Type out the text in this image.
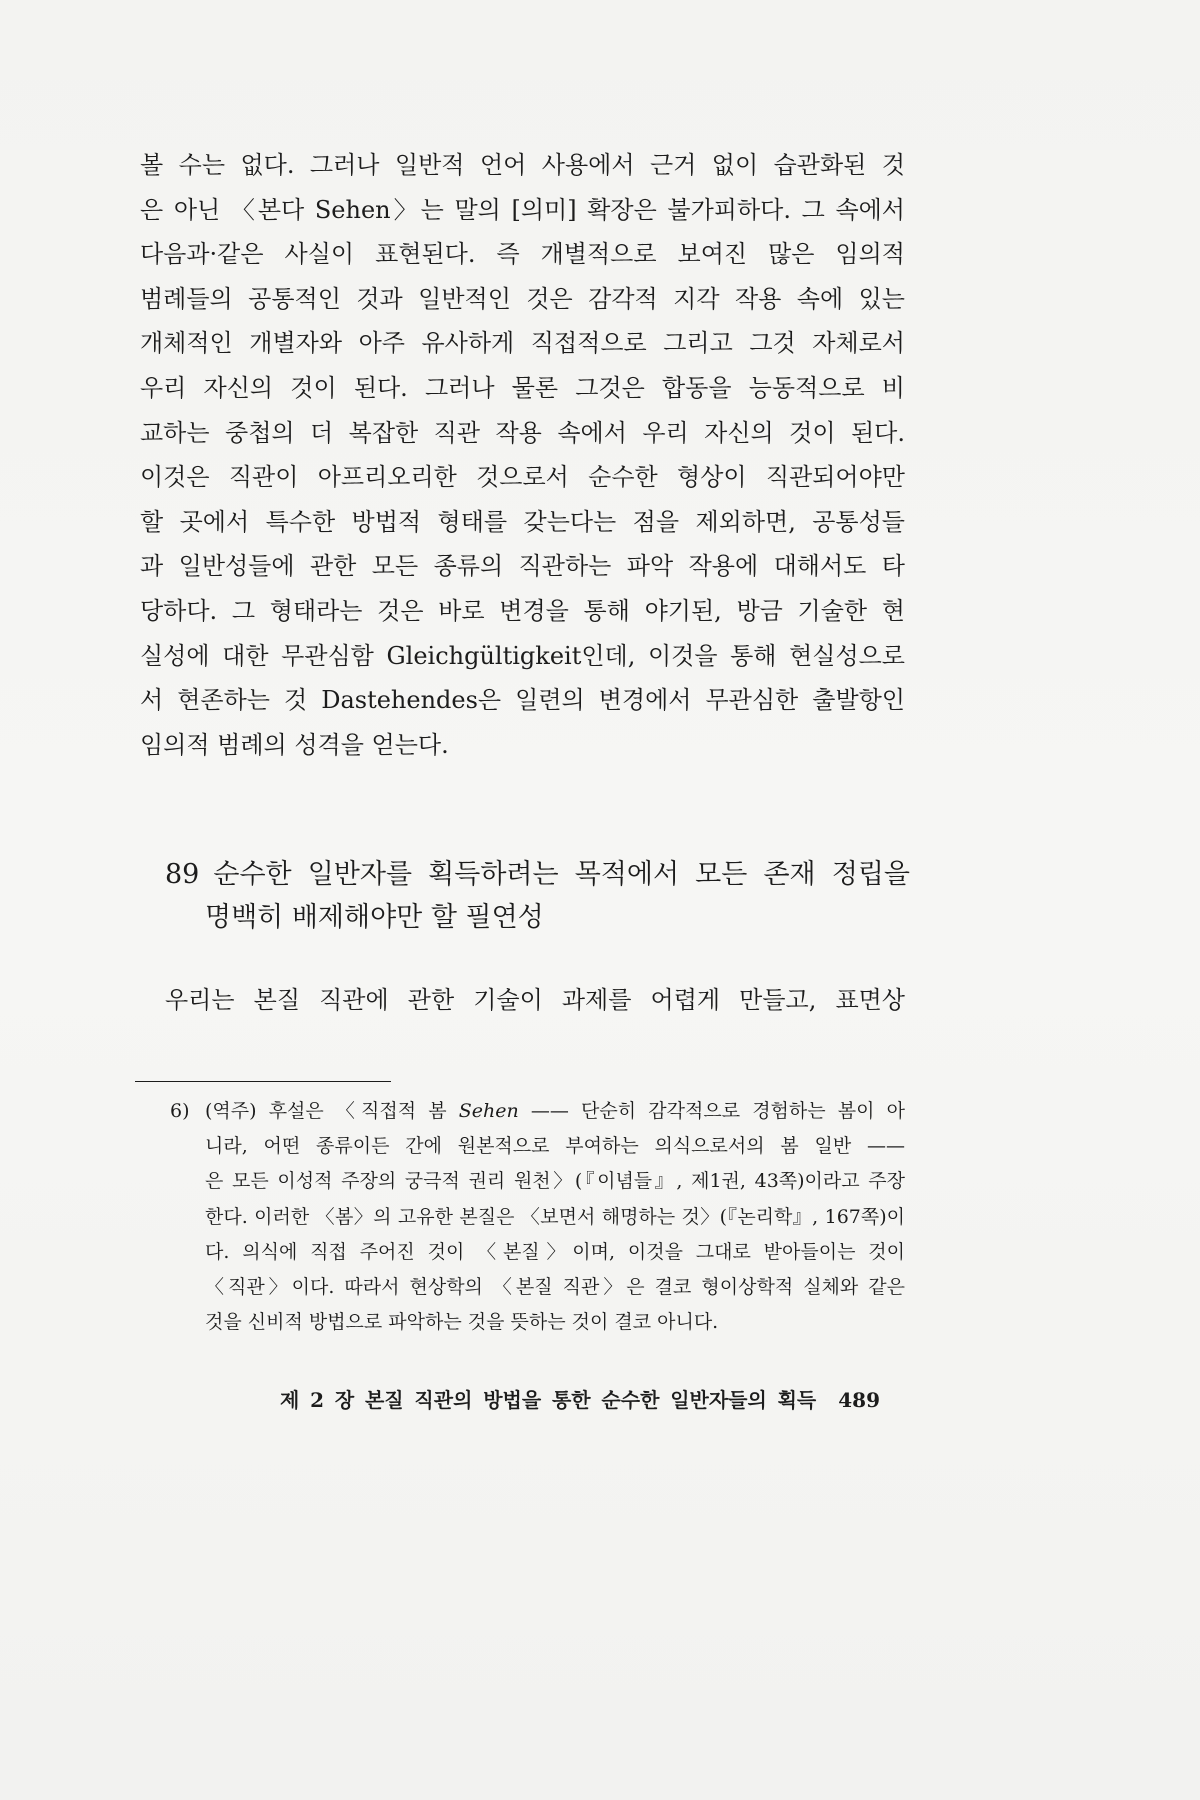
볼 수는 없다. 그러나 일반적 언어 사용에서 근거 없이 습관화된 것
은 아닌 〈본다 Sehen〉는 말의 [의미] 확장은 불가피하다. 그 속에서
다음과·같은 사실이 표현된다. 즉 개별적으로 보여진 많은 임의적
범례들의 공통적인 것과 일반적인 것은 감각적 지각 작용 속에 있는
개체적인 개별자와 아주 유사하게 직접적으로 그리고 그것 자체로서
우리 자신의 것이 된다. 그러나 물론 그것은 합동을 능동적으로 비
교하는 중첩의 더 복잡한 직관 작용 속에서 우리 자신의 것이 된다.
이것은 직관이 아프리오리한 것으로서 순수한 형상이 직관되어야만
할 곳에서 특수한 방법적 형태를 갖는다는 점을 제외하면, 공통성들
과 일반성들에 관한 모든 종류의 직관하는 파악 작용에 대해서도 타
당하다. 그 형태라는 것은 바로 변경을 통해 야기된, 방금 기술한 현
실성에 대한 무관심함 Gleichgültigkeit인데, 이것을 통해 현실성으로
서 현존하는 것 Dastehendes은 일련의 변경에서 무관심한 출발항인
임의적 범례의 성격을 얻는다.
89 순수한 일반자를 획득하려는 목적에서 모든 존재 정립을
명백히 배제해야만 할 필연성
우리는 본질 직관에 관한 기술이 과제를 어렵게 만들고, 표면상
6) (역주) 후설은 〈직접적 봄 Sehen —— 단순히 감각적으로 경험하는 봄이 아
니라, 어떤 종류이든 간에 원본적으로 부여하는 의식으로서의 봄 일반 ——
은 모든 이성적 주장의 궁극적 권리 원천〉(『이념들』, 제1권, 43쪽)이라고 주장
한다. 이러한 〈봄〉의 고유한 본질은 〈보면서 해명하는 것〉(『논리학』, 167쪽)이
다. 의식에 직접 주어진 것이 〈본질〉이며, 이것을 그대로 받아들이는 것이
〈직관〉이다. 따라서 현상학의 〈본질 직관〉은 결코 형이상학적 실체와 같은
것을 신비적 방법으로 파악하는 것을 뜻하는 것이 결코 아니다.
제 2 장 본질 직관의 방법을 통한 순수한 일반자들의 획득 489
